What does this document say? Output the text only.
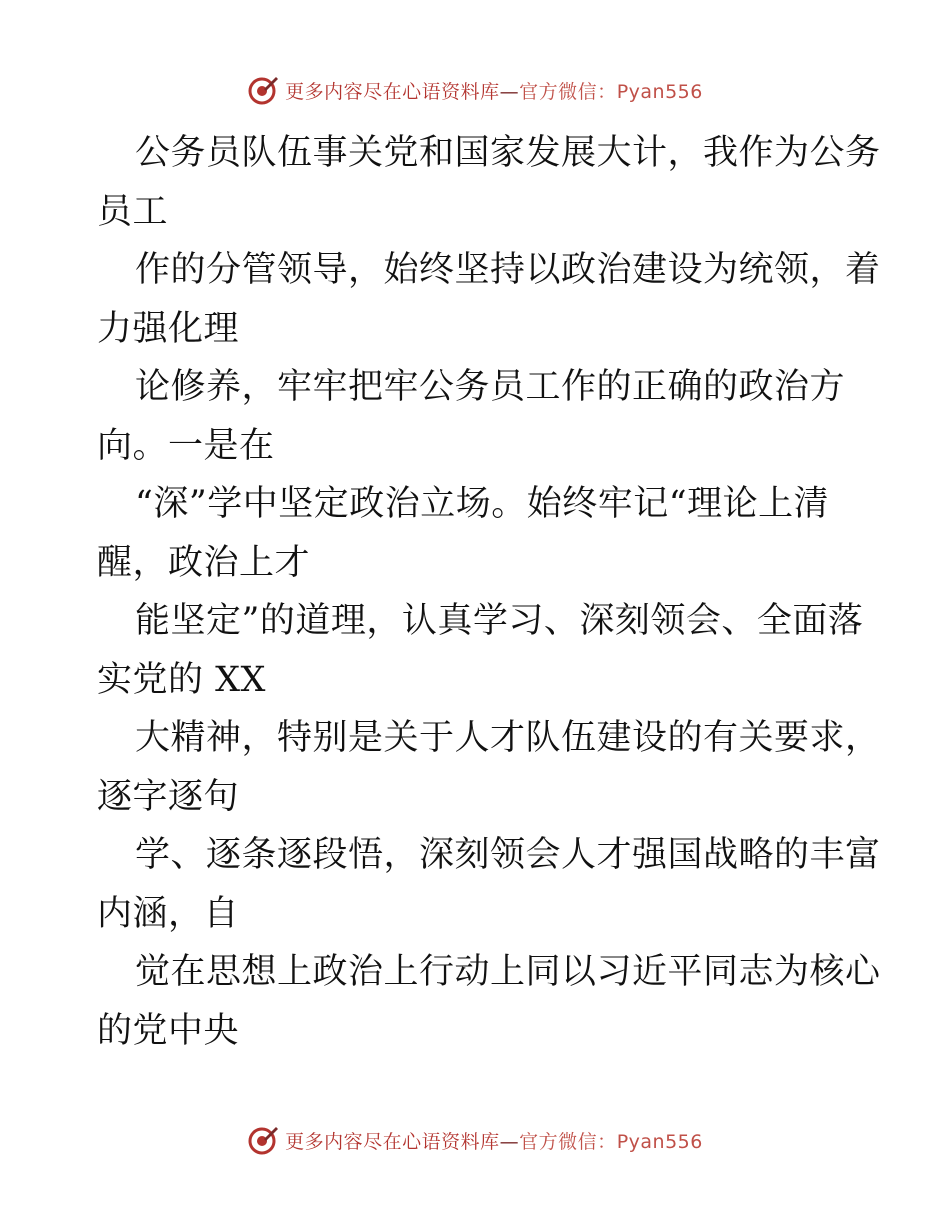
更多内容尽在心语资料库—官方微信：Pyan556
公务员队伍事关党和国家发展大计，我作为公务
员工
作的分管领导，始终坚持以政治建设为统领，着
力强化理
论修养，牢牢把牢公务员工作的正确的政治方
向。一是在
“深”学中坚定政治立场。始终牢记“理论上清
醒，政治上才
能坚定”的道理，认真学习、深刻领会、全面落
实党的 XX
大精神，特别是关于人才队伍建设的有关要求，
逐字逐句
学、逐条逐段悟，深刻领会人才强国战略的丰富
内涵，自
觉在思想上政治上行动上同以习近平同志为核心
的党中央
更多内容尽在心语资料库—官方微信：Pyan556
